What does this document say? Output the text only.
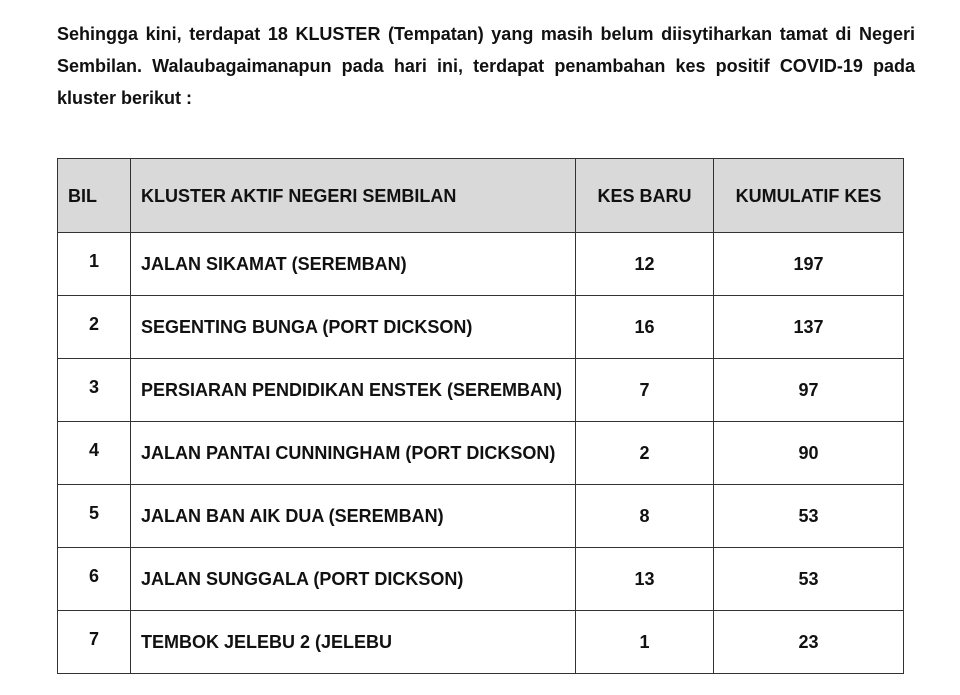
Sehingga kini, terdapat 18 KLUSTER (Tempatan) yang masih belum diisytiharkan tamat di Negeri Sembilan. Walaubagaimanapun pada hari ini, terdapat penambahan kes positif COVID-19 pada kluster berikut :

BIL	KLUSTER AKTIF NEGERI SEMBILAN	KES BARU	KUMULATIF KES
1	JALAN SIKAMAT (SEREMBAN)	12	197
2	SEGENTING BUNGA (PORT DICKSON)	16	137
3	PERSIARAN PENDIDIKAN ENSTEK (SEREMBAN)	7	97
4	JALAN PANTAI CUNNINGHAM (PORT DICKSON)	2	90
5	JALAN BAN AIK DUA (SEREMBAN)	8	53
6	JALAN SUNGGALA (PORT DICKSON)	13	53
7	TEMBOK JELEBU 2 (JELEBU	1	23
